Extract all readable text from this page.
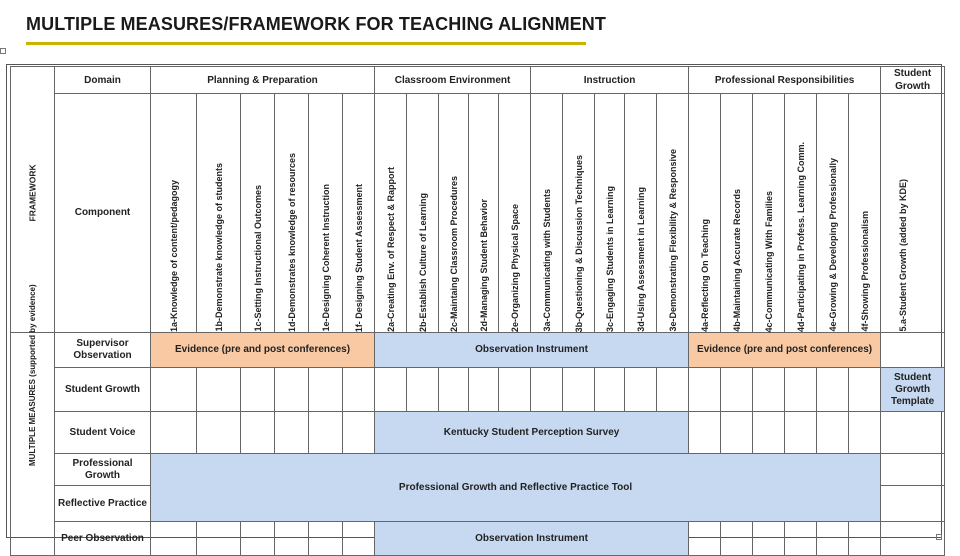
MULTIPLE MEASURES/FRAMEWORK FOR TEACHING ALIGNMENT
FRAMEWORK	Domain	Planning & Preparation						Classroom Environment					Instruction					Professional Responsibilities						Student Growth
	Component	1a-Knowledge of content/pedagogy	1b-Demonstrate knowledge of students	1c-Setting Instructional Outcomes	1d-Demonstrates knowledge of resources	1e-Designing Coherent Instruction	1f- Designing Student Assessment	2a-Creating Env. of Respect & Rapport	2b-Establish Culture of Learning	2c-Maintaing Classroom Procedures	2d-Managing Student Behavior	2e-Organizing Physical Space	3a-Communicating with Students	3b-Questioning & Discussion Techniques	3c-Engaging Students in Learning	3d-Using Assessment in Learning	3e-Demonstrating Flexibility & Responsive	4a-Reflecting On Teaching	4b-Maintaining Accurate Records	4c-Communicating With Families	4d-Participating in Profess. Learning Comm.	4e-Growing & Developing Professionally	4f-Showing Professionalism	5.a-Student Growth (added by KDE)

MULTIPLE MEASURES (supported by evidence)	Supervisor Observation	Evidence (pre and post conferences)						Observation Instrument										Evidence (pre and post conferences)						
	Student Growth																							Student Growth Template
	Student Voice							Kentucky Student Perception Survey																
	Professional Growth	Professional Growth and Reflective Practice Tool																						
	Reflective Practice																							
	Peer Observation							Observation Instrument																
